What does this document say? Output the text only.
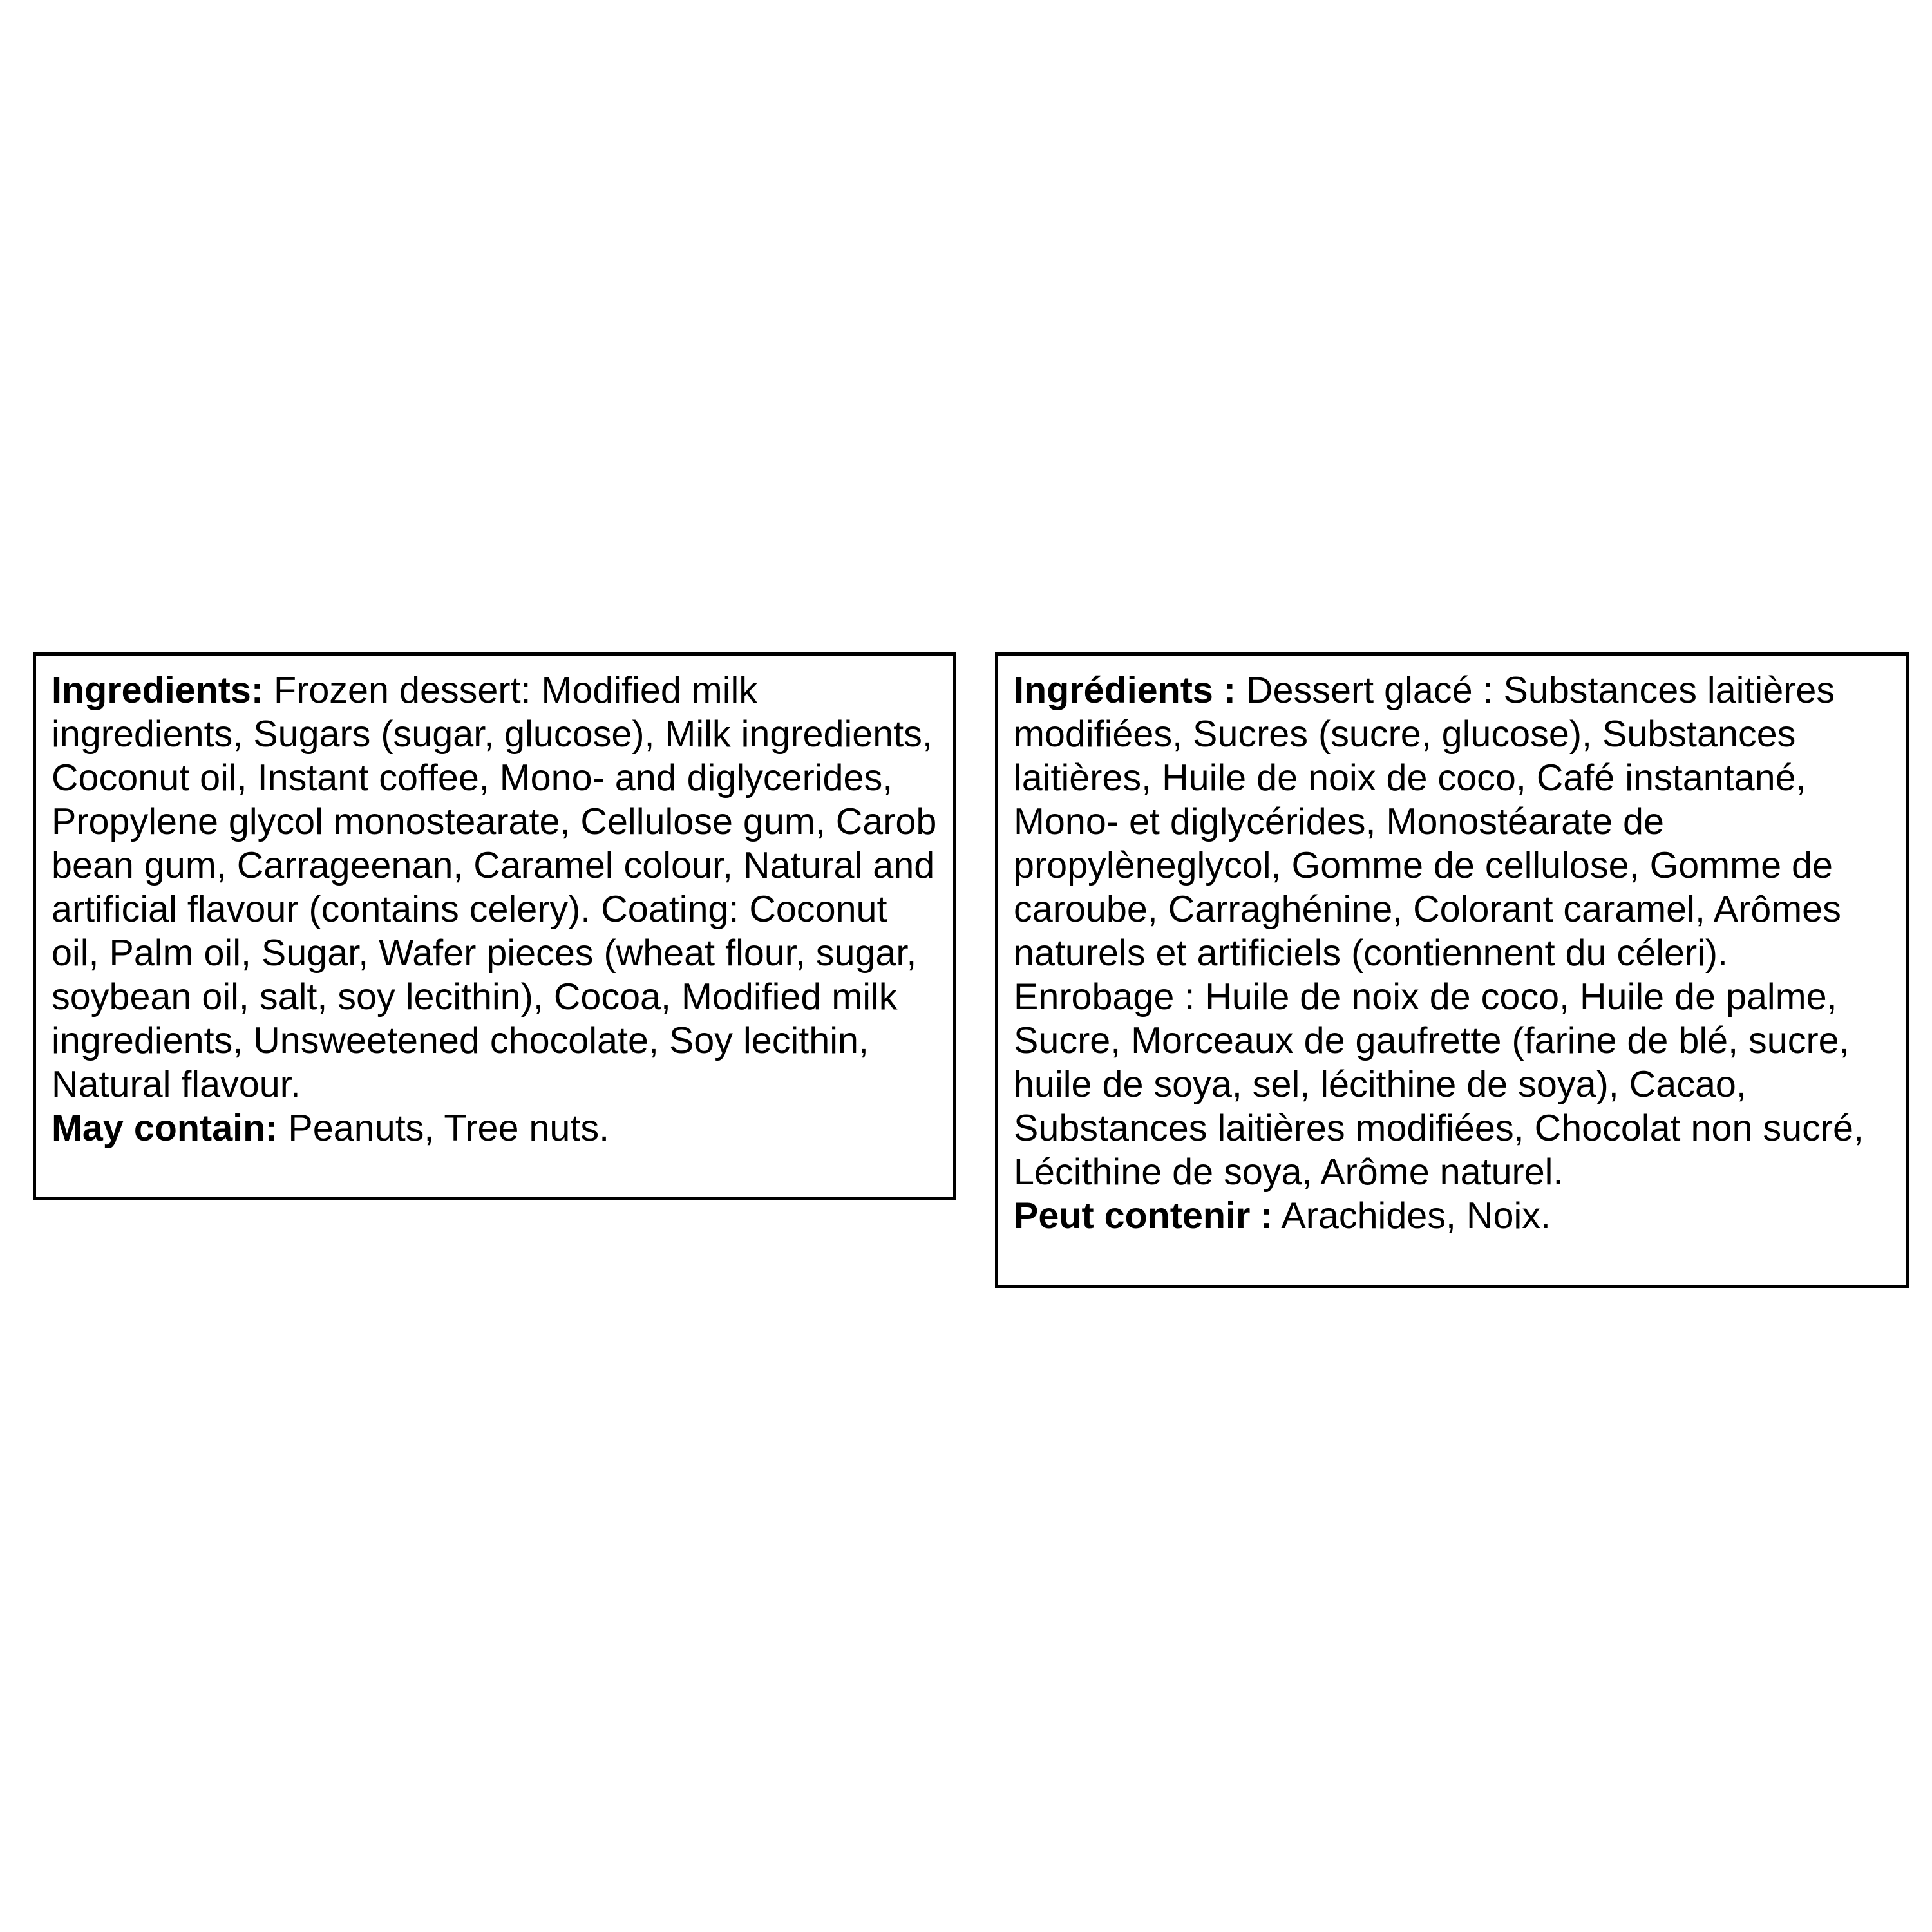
Ingredients: Frozen dessert: Modified milk ingredients, Sugars (sugar, glucose), Milk ingredients, Coconut oil, Instant coffee, Mono- and diglycerides, Propylene glycol monostearate, Cellulose gum, Carob bean gum, Carrageenan, Caramel colour, Natural and artificial flavour (contains celery). Coating: Coconut oil, Palm oil, Sugar, Wafer pieces (wheat flour, sugar, soybean oil, salt, soy lecithin), Cocoa, Modified milk ingredients, Unsweetened chocolate, Soy lecithin, Natural flavour.

May contain: Peanuts, Tree nuts.

Ingrédients : Dessert glacé : Substances laitières modifiées, Sucres (sucre, glucose), Substances laitières, Huile de noix de coco, Café instantané, Mono- et diglycérides, Monostéarate de propylèneglycol, Gomme de cellulose, Gomme de caroube, Carraghénine, Colorant caramel, Arômes naturels et artificiels (contiennent du céleri). Enrobage : Huile de noix de coco, Huile de palme, Sucre, Morceaux de gaufrette (farine de blé, sucre, huile de soya, sel, lécithine de soya), Cacao, Substances laitières modifiées, Chocolat non sucré, Lécithine de soya, Arôme naturel.

Peut contenir : Arachides, Noix.
